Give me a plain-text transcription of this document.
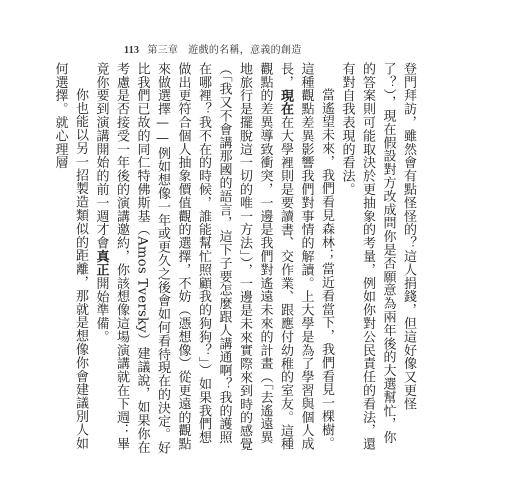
113 第三章 遊戲的名稱，意義的創造

登門拜訪，雖然會有點怪怪的？這人捐錢，但這好像又更怪了？），現在假設對方改成問你是否願意為兩年後的大選幫忙，你的答案則可能取決於更抽象的考量，例如你對公民責任的看法，還有對自我表現的看法。

當遙望未來，我們看見森林；當近看當下，我們看見一棵樹。這種觀點差異影響我們對事情的解讀。上大學是為了學習與個人成長，現在在大學裡則是要讀書、交作業、跟應付幼稚的室友。這種觀點的差異導致衝突，一邊是我們對遙遠未來的計畫（「去遙遠異地旅行是擺脫這一切的唯一方法」），一邊是未來實際來到時的感覺（「我又不會講那國的語言，這下子要怎麼跟人講通啊？我的護照在哪裡？我不在的時候，誰能幫忙照顧我的狗狗？」）如果我們想做出更符合個人抽象價值觀的選擇，不妨（憑想像）從更遠的觀點來做選擇——例如想像一年或更久之後會如何看待現在的決定。好比我們已故的同仁特佛斯基（Amos Tversky）建議說，如果你在考慮是否接受一年後的演講邀約，你該想像這場演講就在下週：畢竟你要到演講開始的前一週才會真正開始準備。

你也能以另一招製造類似的距離，那就是想像你會建議別人如何選擇。就心理層
